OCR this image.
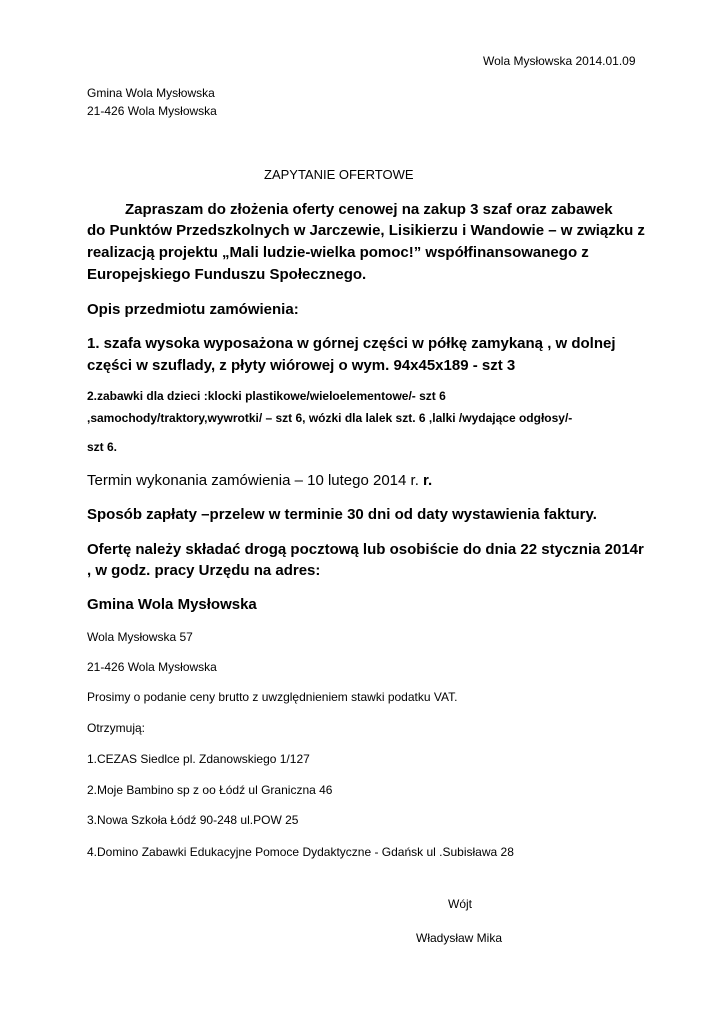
Wola Mysłowska 2014.01.09
Gmina Wola Mysłowska
21-426 Wola Mysłowska
ZAPYTANIE OFERTOWE
Zapraszam do złożenia oferty cenowej na zakup 3 szaf oraz zabawek
do Punktów Przedszkolnych w Jarczewie, Lisikierzu i Wandowie – w związku z
realizacją projektu „Mali ludzie-wielka pomoc!” współfinansowanego z
Europejskiego Funduszu Społecznego.
Opis przedmiotu zamówienia:
1. szafa wysoka wyposażona w górnej części w półkę zamykaną , w dolnej
części w szuflady, z płyty wiórowej o wym. 94x45x189 - szt 3
2.zabawki dla dzieci :klocki plastikowe/wieloelementowe/- szt 6
,samochody/traktory,wywrotki/ – szt 6, wózki dla lalek szt. 6 ,lalki /wydające odgłosy/-
szt 6.
Termin wykonania zamówienia – 10 lutego 2014 r. r.
Sposób zapłaty –przelew w terminie 30 dni od daty wystawienia faktury.
Ofertę należy składać drogą pocztową lub osobiście do dnia 22 stycznia 2014r
, w godz. pracy Urzędu na adres:
Gmina Wola Mysłowska
Wola Mysłowska 57
21-426 Wola Mysłowska
Prosimy o podanie ceny brutto z uwzględnieniem stawki podatku VAT.
Otrzymują:
1.CEZAS Siedlce pl. Zdanowskiego 1/127
2.Moje Bambino sp z oo Łódź ul Graniczna 46
3.Nowa Szkoła Łódź 90-248 ul.POW 25
4.Domino Zabawki Edukacyjne Pomoce Dydaktyczne - Gdańsk ul .Subisława 28
Wójt
Władysław Mika
